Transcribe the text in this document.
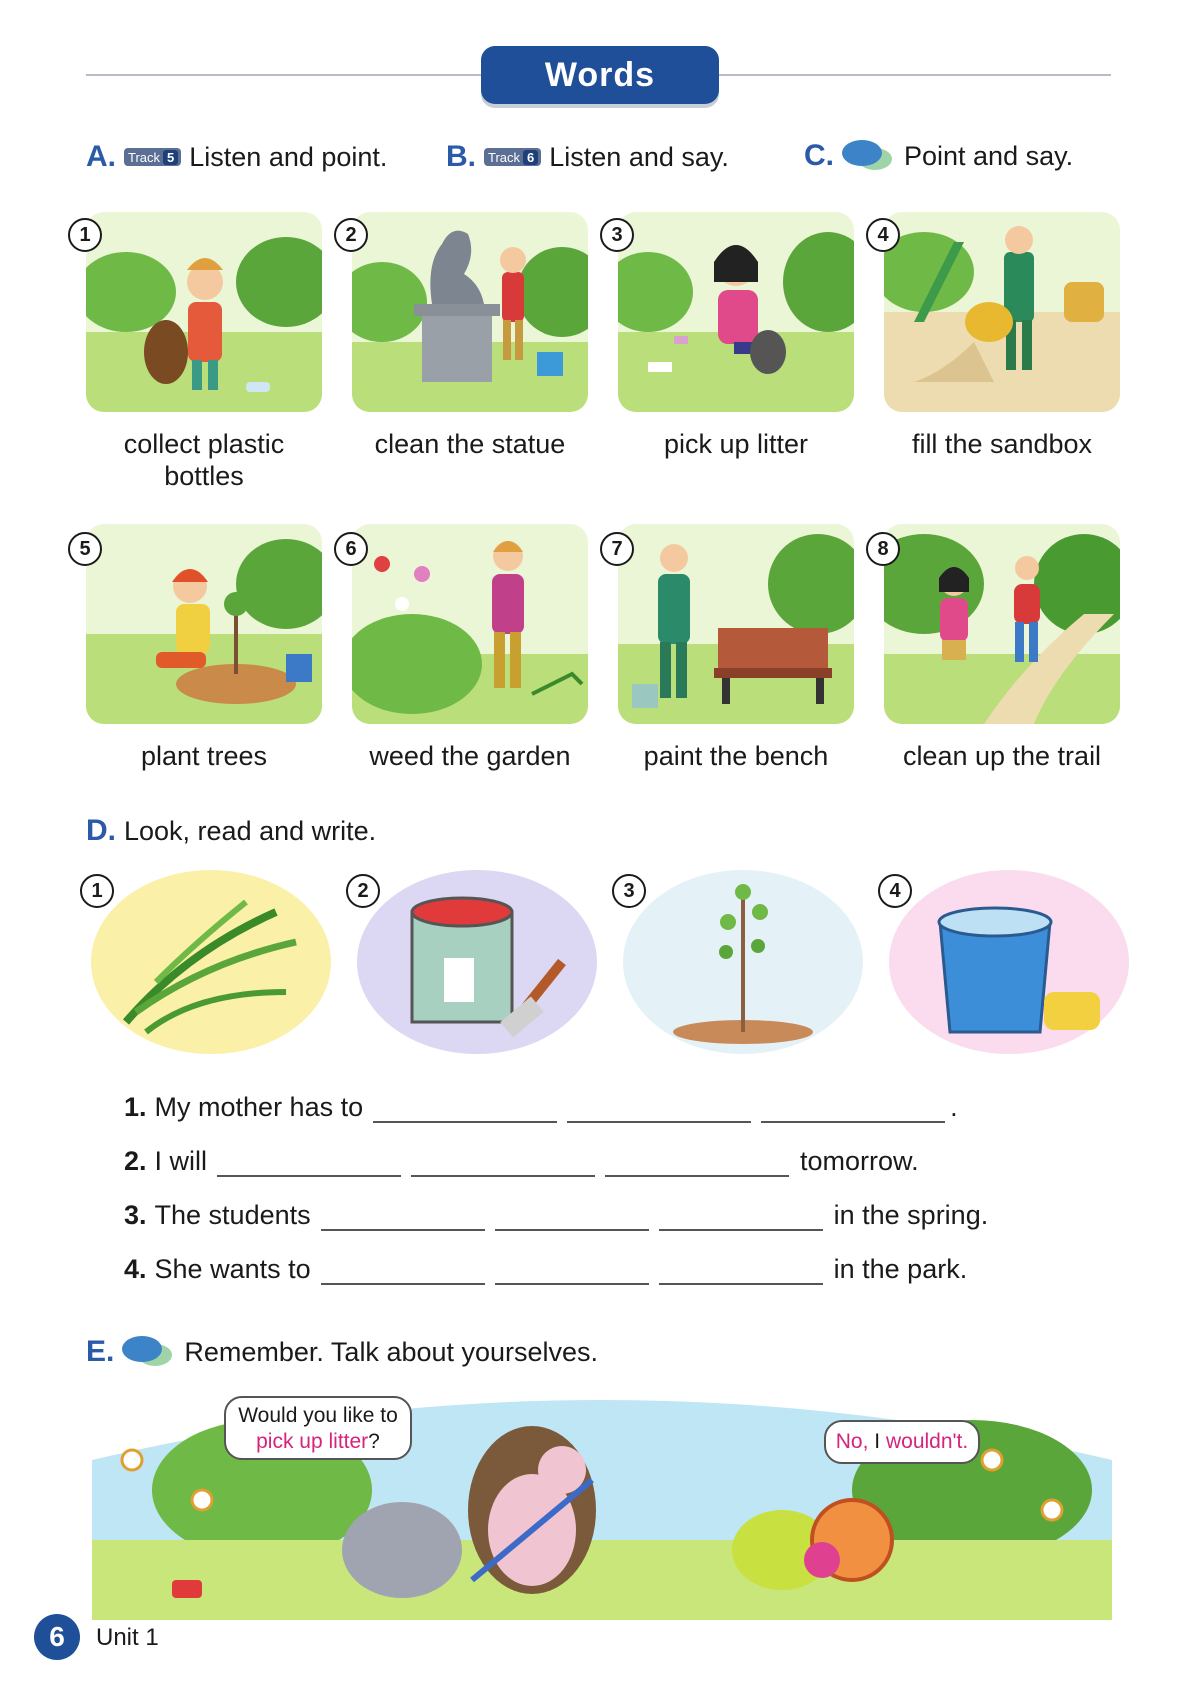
Words
A. Track 5 Listen and point. B. Track 6 Listen and say.	C.	Point and say.
1	2	3	4
collect plastic
bottles
clean the statue	pick up litter	fill the sandbox
5	6	7	8
plant trees	weed the garden	paint the bench	clean up the trail
D. Look, read and write.
1	2	3	4
1. My mother has to	.
2. I will	tomorrow.
3. The students	in the spring.
4. She wants to	in the park.
E.	Remember. Talk about yourselves.
Would you like to
pick up litter?	No, I wouldn't.
6	Unit 1
